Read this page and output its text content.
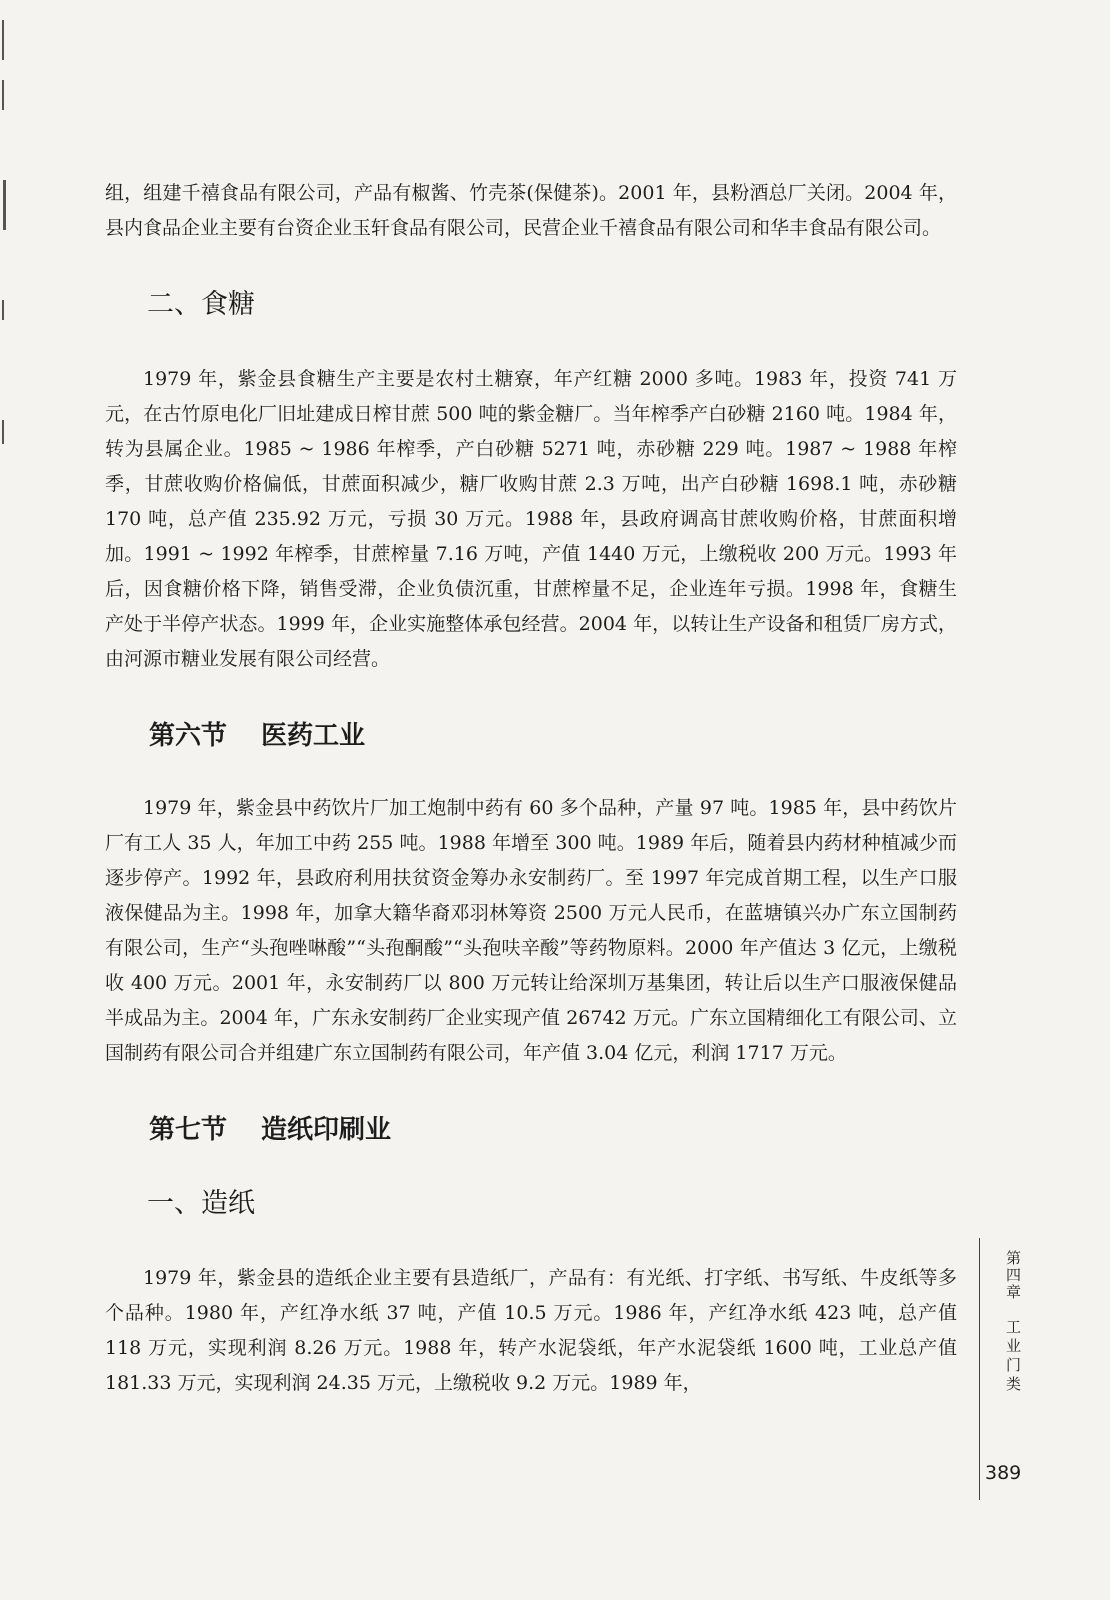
组，组建千禧食品有限公司，产品有椒酱、竹壳茶(保健茶)。2001 年，县粉酒总厂关闭。2004 年，县内食品企业主要有台资企业玉轩食品有限公司，民营企业千禧食品有限公司和华丰食品有限公司。

二、食糖

1979 年，紫金县食糖生产主要是农村土糖寮，年产红糖 2000 多吨。1983 年，投资 741 万元，在古竹原电化厂旧址建成日榨甘蔗 500 吨的紫金糖厂。当年榨季产白砂糖 2160 吨。1984 年，转为县属企业。1985 ~ 1986 年榨季，产白砂糖 5271 吨，赤砂糖 229 吨。1987 ~ 1988 年榨季，甘蔗收购价格偏低，甘蔗面积减少，糖厂收购甘蔗 2.3 万吨，出产白砂糖 1698.1 吨，赤砂糖 170 吨，总产值 235.92 万元，亏损 30 万元。1988 年，县政府调高甘蔗收购价格，甘蔗面积增加。1991 ~ 1992 年榨季，甘蔗榨量 7.16 万吨，产值 1440 万元，上缴税收 200 万元。1993 年后，因食糖价格下降，销售受滞，企业负债沉重，甘蔗榨量不足，企业连年亏损。1998 年，食糖生产处于半停产状态。1999 年，企业实施整体承包经营。2004 年，以转让生产设备和租赁厂房方式，由河源市糖业发展有限公司经营。

第六节 医药工业

1979 年，紫金县中药饮片厂加工炮制中药有 60 多个品种，产量 97 吨。1985 年，县中药饮片厂有工人 35 人，年加工中药 255 吨。1988 年增至 300 吨。1989 年后，随着县内药材种植减少而逐步停产。1992 年，县政府利用扶贫资金筹办永安制药厂。至 1997 年完成首期工程，以生产口服液保健品为主。1998 年，加拿大籍华裔邓羽林筹资 2500 万元人民币，在蓝塘镇兴办广东立国制药有限公司，生产“头孢唑啉酸”“头孢酮酸”“头孢呋辛酸”等药物原料。2000 年产值达 3 亿元，上缴税收 400 万元。2001 年，永安制药厂以 800 万元转让给深圳万基集团，转让后以生产口服液保健品半成品为主。2004 年，广东永安制药厂企业实现产值 26742 万元。广东立国精细化工有限公司、立国制药有限公司合并组建广东立国制药有限公司，年产值 3.04 亿元，利润 1717 万元。

第七节 造纸印刷业
一、造纸

1979 年，紫金县的造纸企业主要有县造纸厂，产品有：有光纸、打字纸、书写纸、牛皮纸等多个品种。1980 年，产红净水纸 37 吨，产值 10.5 万元。1986 年，产红净水纸 423 吨，总产值 118 万元，实现利润 8.26 万元。1988 年，转产水泥袋纸，年产水泥袋纸 1600 吨，工业总产值 181.33 万元，实现利润 24.35 万元，上缴税收 9.2 万元。1989 年，

第四章
工业门类
389
